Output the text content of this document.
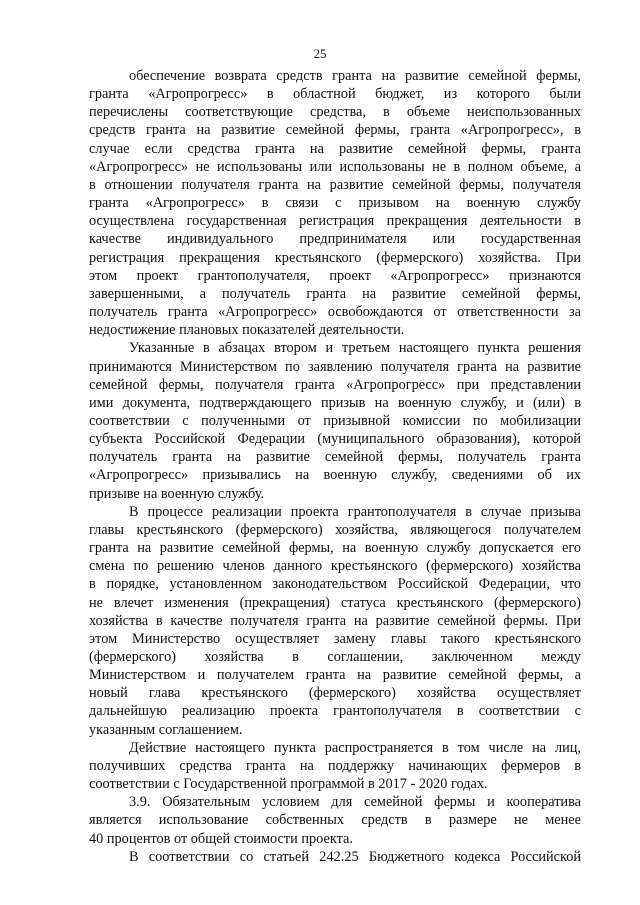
25

обеспечение возврата средств гранта на развитие семейной фермы,
гранта «Агропрогресс» в областной бюджет, из которого были
перечислены соответствующие средства, в объеме неиспользованных
средств гранта на развитие семейной фермы, гранта «Агропрогресс», в
случае если средства гранта на развитие семейной фермы, гранта
«Агропрогресс» не использованы или использованы не в полном объеме, а
в отношении получателя гранта на развитие семейной фермы, получателя
гранта «Агропрогресс» в связи с призывом на военную службу
осуществлена государственная регистрация прекращения деятельности в
качестве индивидуального предпринимателя или государственная
регистрация прекращения крестьянского (фермерского) хозяйства. При
этом проект грантополучателя, проект «Агропрогресс» признаются
завершенными, а получатель гранта на развитие семейной фермы,
получатель гранта «Агропрогресс» освобождаются от ответственности за
недостижение плановых показателей деятельности.

Указанные в абзацах втором и третьем настоящего пункта решения
принимаются Министерством по заявлению получателя гранта на развитие
семейной фермы, получателя гранта «Агропрогресс» при представлении
ими документа, подтверждающего призыв на военную службу, и (или) в
соответствии с полученными от призывной комиссии по мобилизации
субъекта Российской Федерации (муниципального образования), которой
получатель гранта на развитие семейной фермы, получатель гранта
«Агропрогресс» призывались на военную службу, сведениями об их
призыве на военную службу.

В процессе реализации проекта грантополучателя в случае призыва
главы крестьянского (фермерского) хозяйства, являющегося получателем
гранта на развитие семейной фермы, на военную службу допускается его
смена по решению членов данного крестьянского (фермерского) хозяйства
в порядке, установленном законодательством Российской Федерации, что
не влечет изменения (прекращения) статуса крестьянского (фермерского)
хозяйства в качестве получателя гранта на развитие семейной фермы. При
этом Министерство осуществляет замену главы такого крестьянского
(фермерского) хозяйства в соглашении, заключенном между
Министерством и получателем гранта на развитие семейной фермы, а
новый глава крестьянского (фермерского) хозяйства осуществляет
дальнейшую реализацию проекта грантополучателя в соответствии с
указанным соглашением.

Действие настоящего пункта распространяется в том числе на лиц,
получивших средства гранта на поддержку начинающих фермеров в
соответствии с Государственной программой в 2017 - 2020 годах.

3.9. Обязательным условием для семейной фермы и кооператива
является использование собственных средств в размере не менее
40 процентов от общей стоимости проекта.

В соответствии со статьей 242.25 Бюджетного кодекса Российской
